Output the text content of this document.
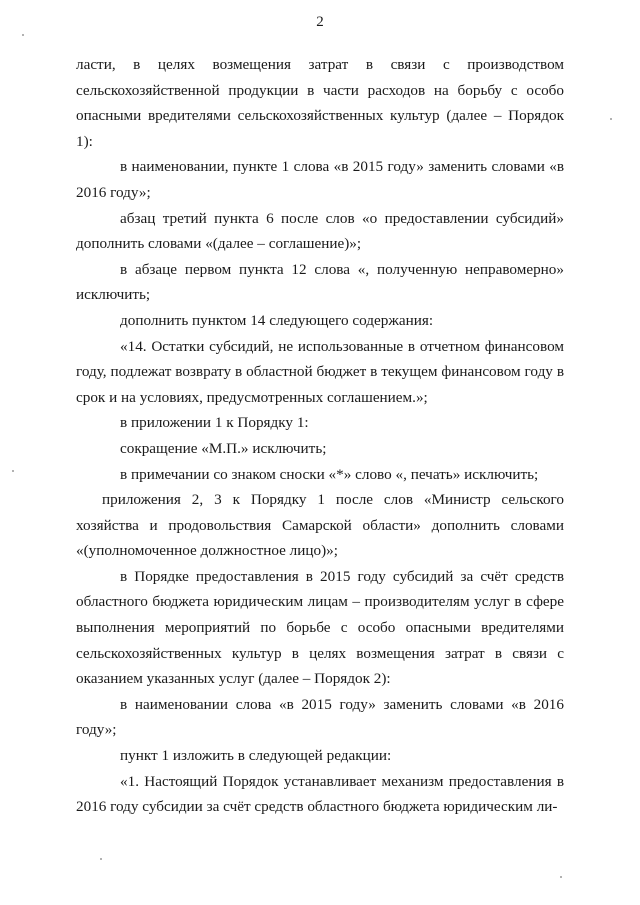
2

ласти, в целях возмещения затрат в связи с производством сельскохозяйственной продукции в части расходов на борьбу с особо опасными вредителями сельскохозяйственных культур (далее – Порядок 1):

в наименовании, пункте 1 слова «в 2015 году» заменить словами «в 2016 году»;

абзац третий пункта 6 после слов «о предоставлении субсидий» дополнить словами «(далее – соглашение)»;

в абзаце первом пункта 12 слова «, полученную неправомерно» исключить;

дополнить пунктом 14 следующего содержания:

«14. Остатки субсидий, не использованные в отчетном финансовом году, подлежат возврату в областной бюджет в текущем финансовом году в срок и на условиях, предусмотренных соглашением.»;

в приложении 1 к Порядку 1:

сокращение «М.П.» исключить;

в примечании со знаком сноски «*» слово «, печать» исключить;

приложения 2, 3 к Порядку 1 после слов «Министр сельского хозяйства и продовольствия Самарской области» дополнить словами «(уполномоченное должностное лицо)»;

в Порядке предоставления в 2015 году субсидий за счёт средств областного бюджета юридическим лицам – производителям услуг в сфере выполнения мероприятий по борьбе с особо опасными вредителями сельскохозяйственных культур в целях возмещения затрат в связи с оказанием указанных услуг (далее – Порядок 2):

в наименовании слова «в 2015 году» заменить словами «в 2016 году»;

пункт 1 изложить в следующей редакции:

«1. Настоящий Порядок устанавливает механизм предоставления в 2016 году субсидии за счёт средств областного бюджета юридическим ли-
